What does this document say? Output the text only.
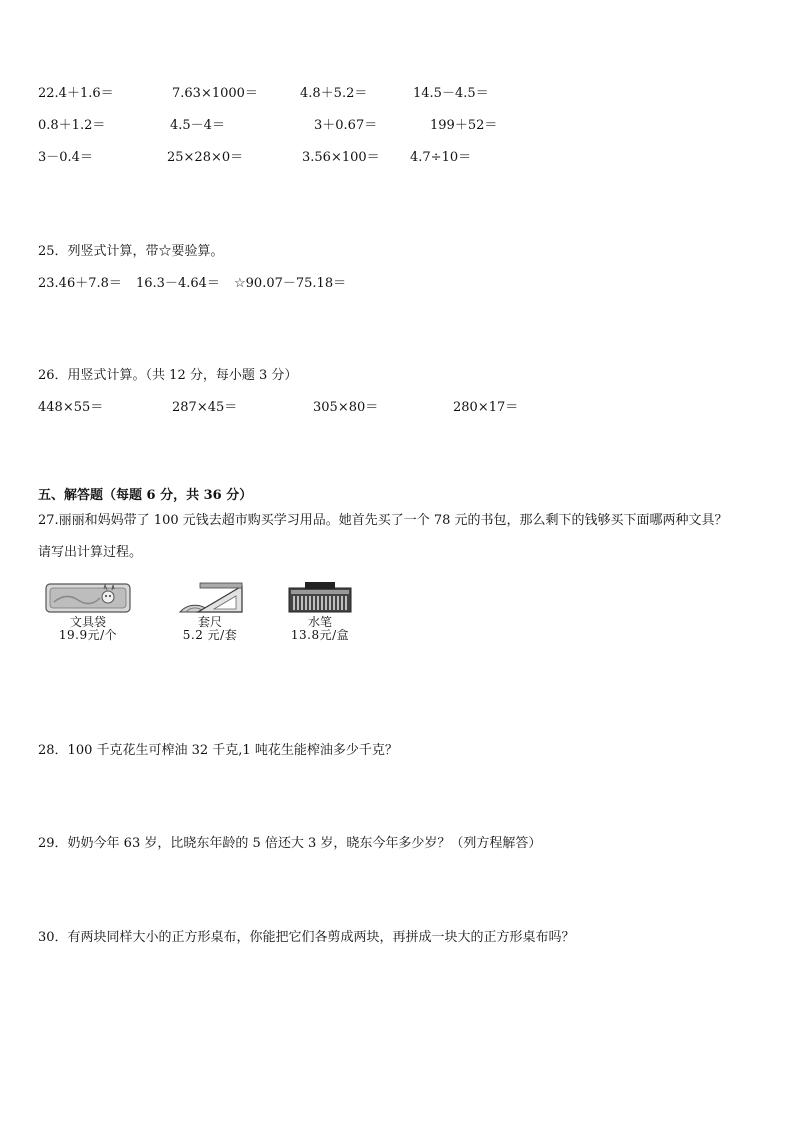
22.4＋1.6＝	7.63×1000＝	4.8＋5.2＝	14.5－4.5＝
0.8＋1.2＝	4.5－4＝	3＋0.67＝	199＋52＝
3－0.4＝	25×28×0＝	3.56×100＝ 4.7÷10＝
25．列竖式计算，带☆要验算。
23.46＋7.8＝ 16.3－4.64＝ ☆90.07－75.18＝
26．用竖式计算。（共 12 分，每小题 3 分）
448×55＝	287×45＝	305×80＝	280×17＝
五、解答题（每题 6 分，共 36 分）
27.丽丽和妈妈带了 100 元钱去超市购买学习用品。她首先买了一个 78 元的书包，那么剩下的钱够买下面哪两种文具？
请写出计算过程。
文具袋
19.9元/个
套尺
5.2 元/套
水笔
13.8元/盒
28．100 千克花生可榨油 32 千克,1 吨花生能榨油多少千克？
29．奶奶今年 63 岁，比晓东年龄的 5 倍还大 3 岁，晓东今年多少岁？（列方程解答）
30．有两块同样大小的正方形桌布，你能把它们各剪成两块，再拼成一块大的正方形桌布吗？
